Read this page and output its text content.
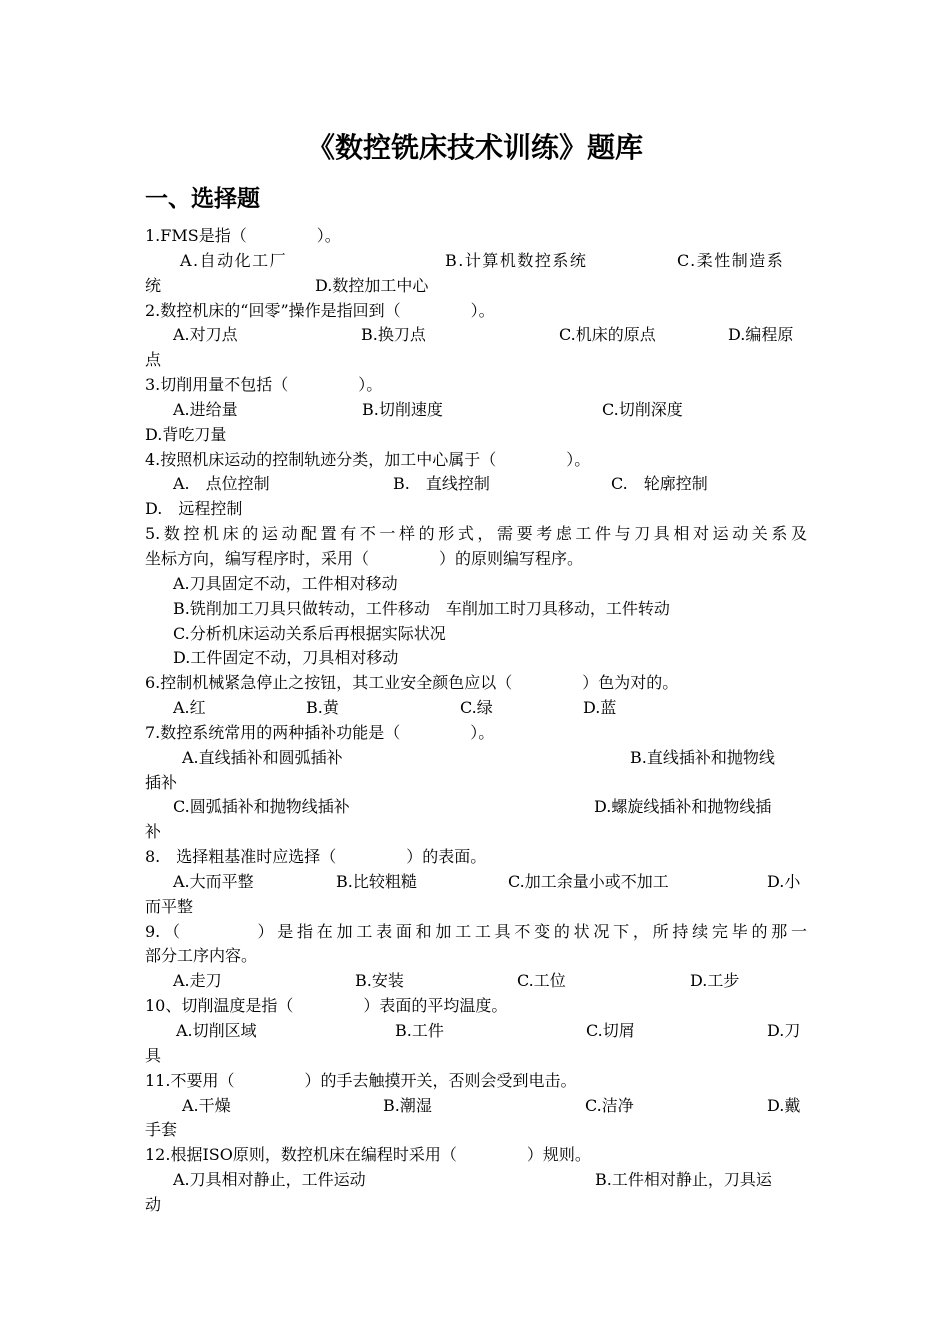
《数控铣床技术训练》题库
一、选择题
1.FMS是指（	）。
A.自动化工厂	B.计算机数控系统	C.柔性制造系
统	D.数控加工中心
2.数控机床的“回零”操作是指回到（	）。
A.对刀点	B.换刀点	C.机床的原点	D.编程原
点
3.切削用量不包括（	）。
A.进给量	B.切削速度	C.切削深度
D.背吃刀量
4.按照机床运动的控制轨迹分类，加工中心属于（	）。
A.　点位控制	B.　直线控制	C.　轮廓控制
D.　远程控制
5.数控机床的运动配置有不一样的形式，需要考虑工件与刀具相对运动关系及
坐标方向，编写程序时，采用（	）的原则编写程序。
A.刀具固定不动，工件相对移动
B.铣削加工刀具只做转动，工件移动　车削加工时刀具移动，工件转动
C.分析机床运动关系后再根据实际状况
D.工件固定不动，刀具相对移动
6.控制机械紧急停止之按钮，其工业安全颜色应以（	）色为对的。
A.红	B.黄	C.绿	D.蓝
7.数控系统常用的两种插补功能是（	）。
A.直线插补和圆弧插补	B.直线插补和抛物线
插补
C.圆弧插补和抛物线插补	D.螺旋线插补和抛物线插
补
8.　选择粗基准时应选择（	）的表面。
A.大而平整	B.比较粗糙	C.加工余量小或不加工	D.小
而平整
9.（	）是指在加工表面和加工工具不变的状况下，所持续完毕的那一
部分工序内容。
A.走刀	B.安装	C.工位	D.工步
10、切削温度是指（	）表面的平均温度。
A.切削区域	B.工件	C.切屑	D.刀
具
11.不要用（	）的手去触摸开关，否则会受到电击。
A.干燥	B.潮湿	C.洁净	D.戴
手套
12.根据ISO原则，数控机床在编程时采用（	）规则。
A.刀具相对静止，工件运动	B.工件相对静止，刀具运
动
